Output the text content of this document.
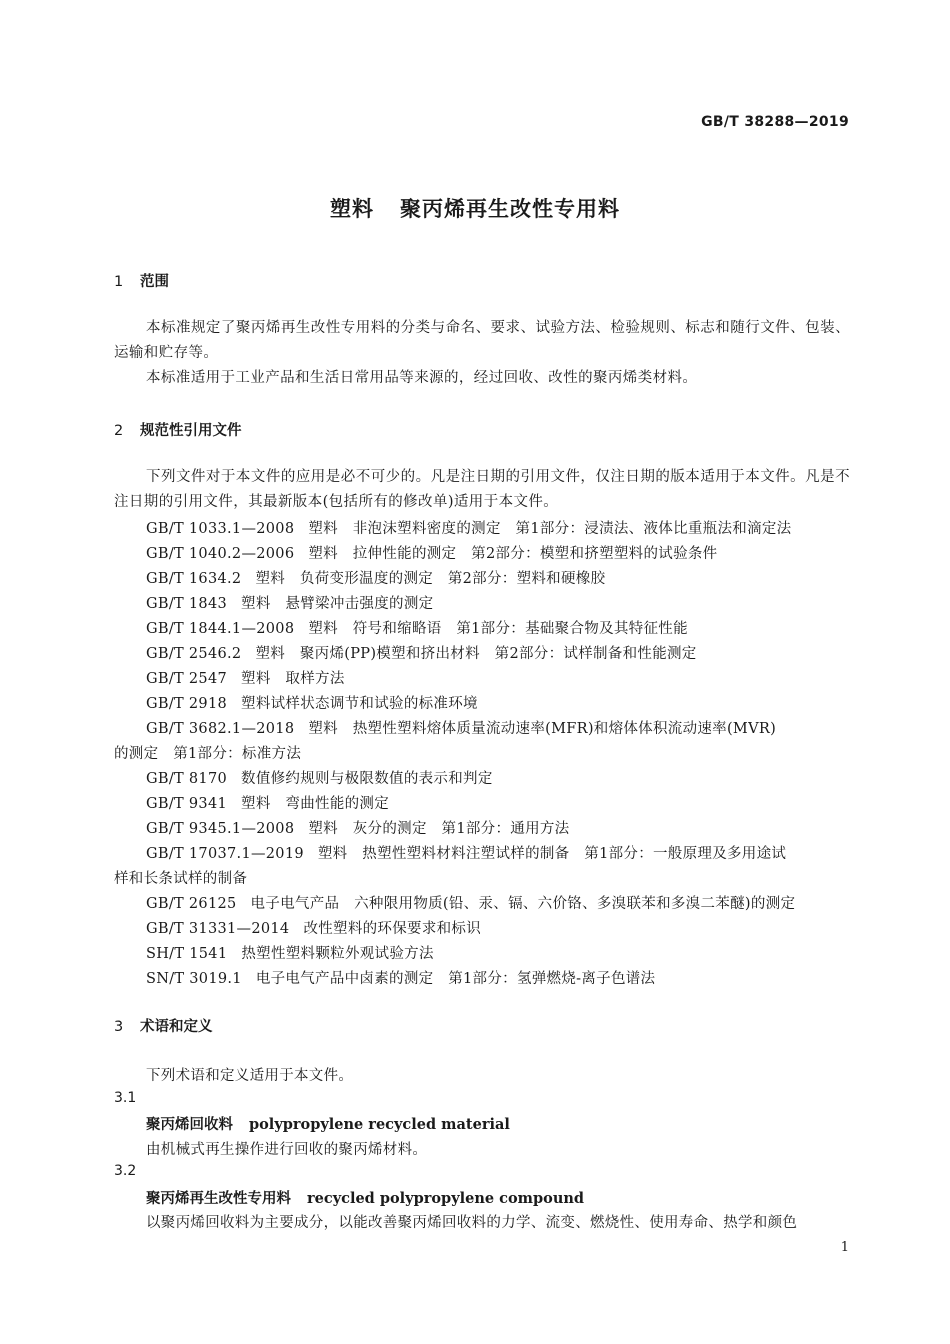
GB/T 38288—2019
塑料 聚丙烯再生改性专用料
1 范围
本标准规定了聚丙烯再生改性专用料的分类与命名、要求、试验方法、检验规则、标志和随行文件、包装、运输和贮存等。
本标准适用于工业产品和生活日常用品等来源的，经过回收、改性的聚丙烯类材料。
2 规范性引用文件
下列文件对于本文件的应用是必不可少的。凡是注日期的引用文件，仅注日期的版本适用于本文件。凡是不注日期的引用文件，其最新版本(包括所有的修改单)适用于本文件。
GB/T 1033.1—2008 塑料　非泡沫塑料密度的测定　第1部分：浸渍法、液体比重瓶法和滴定法
GB/T 1040.2—2006 塑料　拉伸性能的测定　第2部分：模塑和挤塑塑料的试验条件
GB/T 1634.2 塑料　负荷变形温度的测定　第2部分：塑料和硬橡胶
GB/T 1843 塑料　悬臂梁冲击强度的测定
GB/T 1844.1—2008 塑料　符号和缩略语　第1部分：基础聚合物及其特征性能
GB/T 2546.2 塑料　聚丙烯(PP)模塑和挤出材料　第2部分：试样制备和性能测定
GB/T 2547 塑料　取样方法
GB/T 2918 塑料试样状态调节和试验的标准环境
GB/T 3682.1—2018 塑料　热塑性塑料熔体质量流动速率(MFR)和熔体体积流动速率(MVR)
的测定　第1部分：标准方法
GB/T 8170 数值修约规则与极限数值的表示和判定
GB/T 9341 塑料　弯曲性能的测定
GB/T 9345.1—2008 塑料　灰分的测定　第1部分：通用方法
GB/T 17037.1—2019 塑料　热塑性塑料材料注塑试样的制备　第1部分：一般原理及多用途试
样和长条试样的制备
GB/T 26125 电子电气产品　六种限用物质(铅、汞、镉、六价铬、多溴联苯和多溴二苯醚)的测定
GB/T 31331—2014 改性塑料的环保要求和标识
SH/T 1541 热塑性塑料颗粒外观试验方法
SN/T 3019.1 电子电气产品中卤素的测定　第1部分：氢弹燃烧-离子色谱法
3 术语和定义
下列术语和定义适用于本文件。
3.1
聚丙烯回收料 polypropylene recycled material
由机械式再生操作进行回收的聚丙烯材料。
3.2
聚丙烯再生改性专用料 recycled polypropylene compound
以聚丙烯回收料为主要成分，以能改善聚丙烯回收料的力学、流变、燃烧性、使用寿命、热学和颜色
1
